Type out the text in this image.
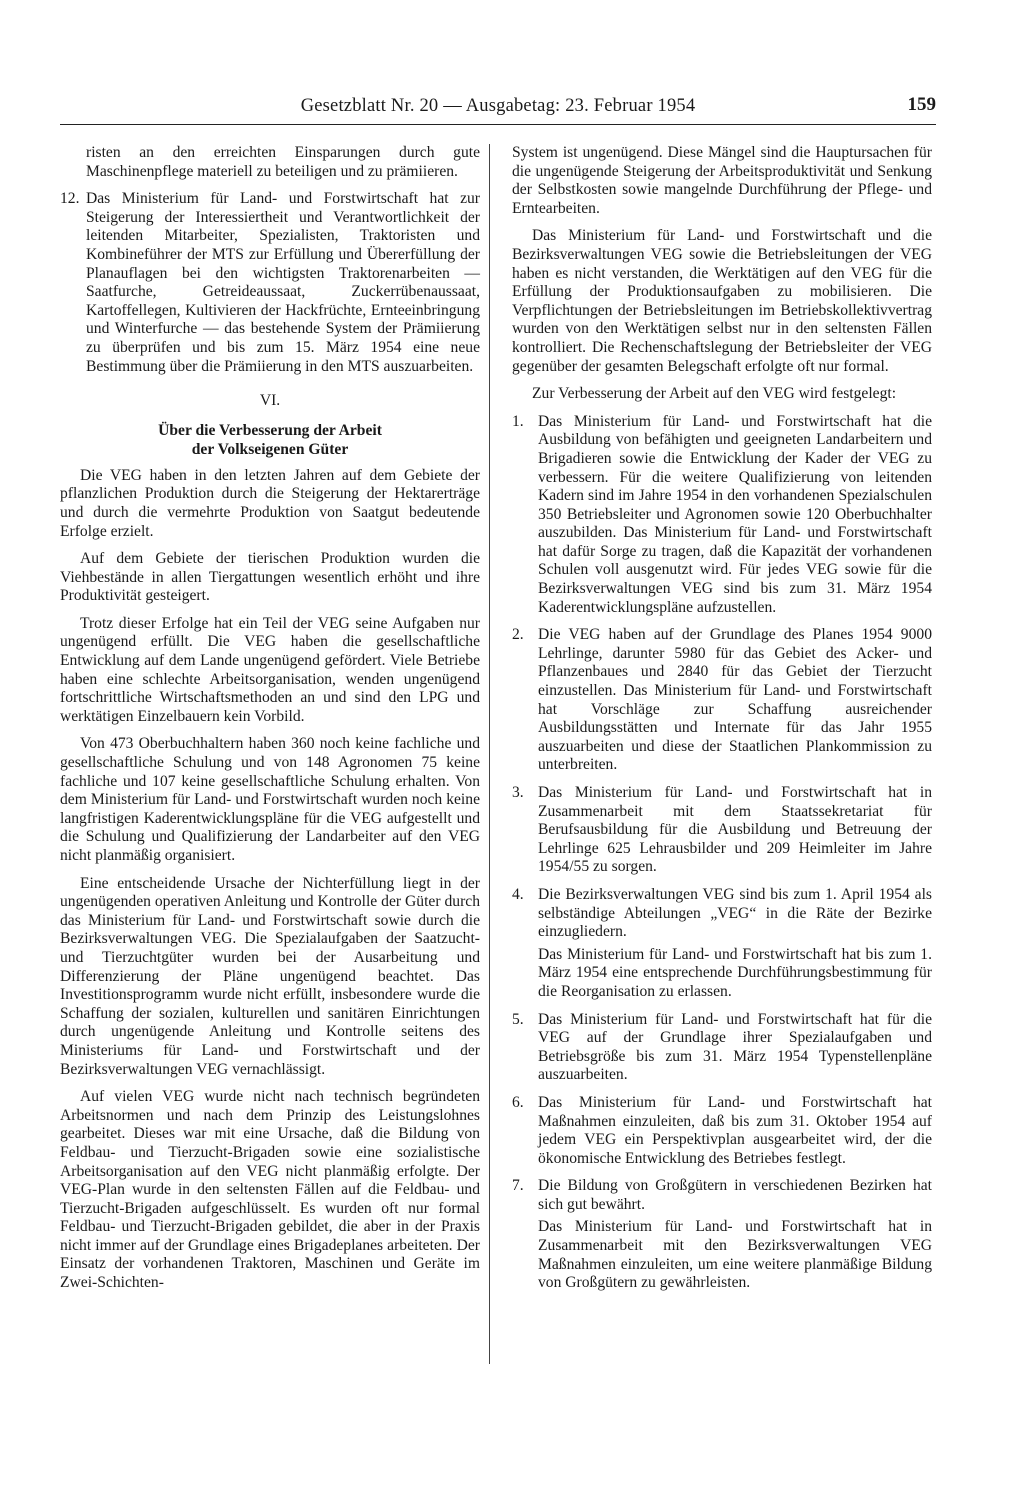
Gesetzblatt Nr. 20 — Ausgabetag: 23. Februar 1954	159

risten an den erreichten Einsparungen durch gute Maschinenpflege materiell zu beteiligen und zu prämiieren.

12. Das Ministerium für Land- und Forstwirtschaft hat zur Steigerung der Interessiertheit und Verantwortlichkeit der leitenden Mitarbeiter, Spezialisten, Traktoristen und Kombineführer der MTS zur Erfüllung und Übererfüllung der Planauflagen bei den wichtigsten Traktorenarbeiten — Saatfurche, Getreideaussaat, Zuckerrübenaussaat, Kartoffellegen, Kultivieren der Hackfrüchte, Ernteeinbringung und Winterfurche — das bestehende System der Prämiierung zu überprüfen und bis zum 15. März 1954 eine neue Bestimmung über die Prämiierung in den MTS auszuarbeiten.
VI.
Über die Verbesserung der Arbeit
der Volkseigenen Güter

Die VEG haben in den letzten Jahren auf dem Gebiete der pflanzlichen Produktion durch die Steigerung der Hektarerträge und durch die vermehrte Produktion von Saatgut bedeutende Erfolge erzielt.

Auf dem Gebiete der tierischen Produktion wurden die Viehbestände in allen Tiergattungen wesentlich erhöht und ihre Produktivität gesteigert.

Trotz dieser Erfolge hat ein Teil der VEG seine Aufgaben nur ungenügend erfüllt. Die VEG haben die gesellschaftliche Entwicklung auf dem Lande ungenügend gefördert. Viele Betriebe haben eine schlechte Arbeitsorganisation, wenden ungenügend fortschrittliche Wirtschaftsmethoden an und sind den LPG und werktätigen Einzelbauern kein Vorbild.

Von 473 Oberbuchhaltern haben 360 noch keine fachliche und gesellschaftliche Schulung und von 148 Agronomen 75 keine fachliche und 107 keine gesellschaftliche Schulung erhalten. Von dem Ministerium für Land- und Forstwirtschaft wurden noch keine langfristigen Kaderentwicklungspläne für die VEG aufgestellt und die Schulung und Qualifizierung der Landarbeiter auf den VEG nicht planmäßig organisiert.

Eine entscheidende Ursache der Nichterfüllung liegt in der ungenügenden operativen Anleitung und Kontrolle der Güter durch das Ministerium für Land- und Forstwirtschaft sowie durch die Bezirksverwaltungen VEG. Die Spezialaufgaben der Saatzucht- und Tierzuchtgüter wurden bei der Ausarbeitung und Differenzierung der Pläne ungenügend beachtet. Das Investitionsprogramm wurde nicht erfüllt, insbesondere wurde die Schaffung der sozialen, kulturellen und sanitären Einrichtungen durch ungenügende Anleitung und Kontrolle seitens des Ministeriums für Land- und Forstwirtschaft und der Bezirksverwaltungen VEG vernachlässigt.

Auf vielen VEG wurde nicht nach technisch begründeten Arbeitsnormen und nach dem Prinzip des Leistungslohnes gearbeitet. Dieses war mit eine Ursache, daß die Bildung von Feldbau- und Tierzucht-Brigaden sowie eine sozialistische Arbeitsorganisation auf den VEG nicht planmäßig erfolgte. Der VEG-Plan wurde in den seltensten Fällen auf die Feldbau- und Tierzucht-Brigaden aufgeschlüsselt. Es wurden oft nur formal Feldbau- und Tierzucht-Brigaden gebildet, die aber in der Praxis nicht immer auf der Grundlage eines Brigadeplanes arbeiteten. Der Einsatz der vorhandenen Traktoren, Maschinen und Geräte im Zwei-Schichten-

System ist ungenügend. Diese Mängel sind die Hauptursachen für die ungenügende Steigerung der Arbeitsproduktivität und Senkung der Selbstkosten sowie mangelnde Durchführung der Pflege- und Erntearbeiten.

Das Ministerium für Land- und Forstwirtschaft und die Bezirksverwaltungen VEG sowie die Betriebsleitungen der VEG haben es nicht verstanden, die Werktätigen auf den VEG für die Erfüllung der Produktionsaufgaben zu mobilisieren. Die Verpflichtungen der Betriebsleitungen im Betriebskollektivvertrag wurden von den Werktätigen selbst nur in den seltensten Fällen kontrolliert. Die Rechenschaftslegung der Betriebsleiter der VEG gegenüber der gesamten Belegschaft erfolgte oft nur formal.

Zur Verbesserung der Arbeit auf den VEG wird festgelegt:

1. Das Ministerium für Land- und Forstwirtschaft hat die Ausbildung von befähigten und geeigneten Landarbeitern und Brigadieren sowie die Entwicklung der Kader der VEG zu verbessern. Für die weitere Qualifizierung von leitenden Kadern sind im Jahre 1954 in den vorhandenen Spezialschulen 350 Betriebsleiter und Agronomen sowie 120 Oberbuchhalter auszubilden. Das Ministerium für Land- und Forstwirtschaft hat dafür Sorge zu tragen, daß die Kapazität der vorhandenen Schulen voll ausgenutzt wird. Für jedes VEG sowie für die Bezirksverwaltungen VEG sind bis zum 31. März 1954 Kaderentwicklungspläne aufzustellen.
2. Die VEG haben auf der Grundlage des Planes 1954 9000 Lehrlinge, darunter 5980 für das Gebiet des Acker- und Pflanzenbaues und 2840 für das Gebiet der Tierzucht einzustellen. Das Ministerium für Land- und Forstwirtschaft hat Vorschläge zur Schaffung ausreichender Ausbildungsstätten und Internate für das Jahr 1955 auszuarbeiten und diese der Staatlichen Plankommission zu unterbreiten.
3. Das Ministerium für Land- und Forstwirtschaft hat in Zusammenarbeit mit dem Staatssekretariat für Berufsausbildung für die Ausbildung und Betreuung der Lehrlinge 625 Lehrausbilder und 209 Heimleiter im Jahre 1954/55 zu sorgen.
4. Die Bezirksverwaltungen VEG sind bis zum 1. April 1954 als selbständige Abteilungen „VEG“ in die Räte der Bezirke einzugliedern.
Das Ministerium für Land- und Forstwirtschaft hat bis zum 1. März 1954 eine entsprechende Durchführungsbestimmung für die Reorganisation zu erlassen.
5. Das Ministerium für Land- und Forstwirtschaft hat für die VEG auf der Grundlage ihrer Spezialaufgaben und Betriebsgröße bis zum 31. März 1954 Typenstellenpläne auszuarbeiten.
6. Das Ministerium für Land- und Forstwirtschaft hat Maßnahmen einzuleiten, daß bis zum 31. Oktober 1954 auf jedem VEG ein Perspektivplan ausgearbeitet wird, der die ökonomische Entwicklung des Betriebes festlegt.
7. Die Bildung von Großgütern in verschiedenen Bezirken hat sich gut bewährt.
Das Ministerium für Land- und Forstwirtschaft hat in Zusammenarbeit mit den Bezirksverwaltungen VEG Maßnahmen einzuleiten, um eine weitere planmäßige Bildung von Großgütern zu gewährleisten.
